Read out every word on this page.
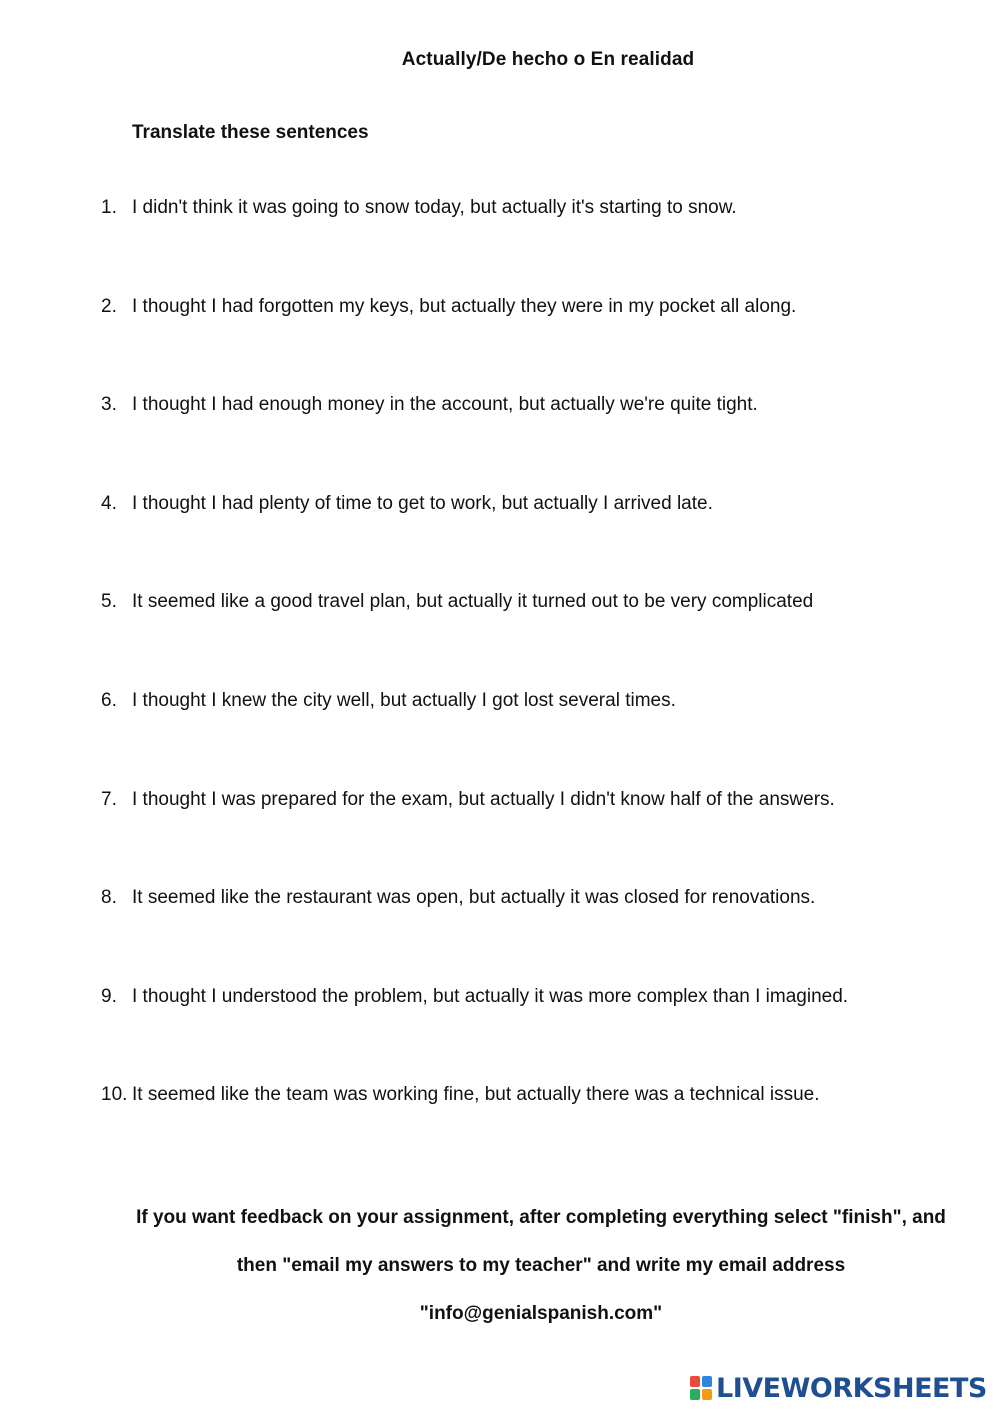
Actually/De hecho o En realidad
Translate these sentences
1. I didn't think it was going to snow today, but actually it's starting to snow.
2. I thought I had forgotten my keys, but actually they were in my pocket all along.
3. I thought I had enough money in the account, but actually we're quite tight.
4. I thought I had plenty of time to get to work, but actually I arrived late.
5. It seemed like a good travel plan, but actually it turned out to be very complicated
6. I thought I knew the city well, but actually I got lost several times.
7. I thought I was prepared for the exam, but actually I didn't know half of the answers.
8. It seemed like the restaurant was open, but actually it was closed for renovations.
9. I thought I understood the problem, but actually it was more complex than I imagined.
10. It seemed like the team was working fine, but actually there was a technical issue.
If you want feedback on your assignment, after completing everything select "finish", and
then "email my answers to my teacher" and write my email address
"info@genialspanish.com"
LIVEWORKSHEETS
